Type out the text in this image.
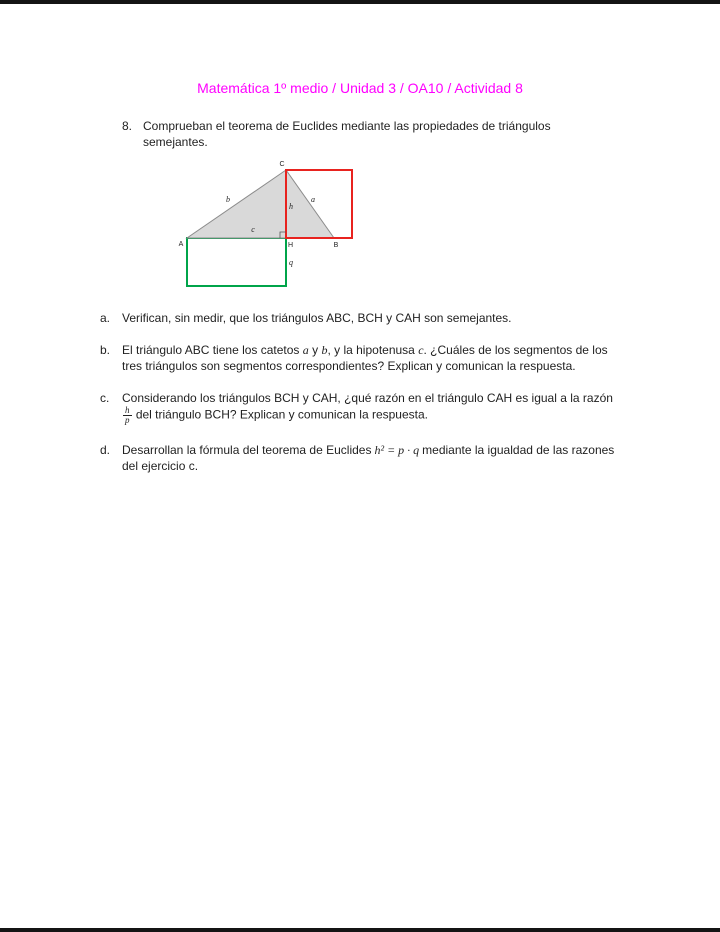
Matemática 1º medio / Unidad 3 / OA10 / Actividad 8
8. Comprueban el teorema de Euclides mediante las propiedades de triángulos semejantes.
C
b	a
h
c
A	H	B
q
a. Verifican, sin medir, que los triángulos ABC, BCH y CAH son semejantes.
b. El triángulo ABC tiene los catetos a y b, y la hipotenusa c. ¿Cuáles de los segmentos de los tres triángulos son segmentos correspondientes? Explican y comunican la respuesta.
c.	Considerando los triángulos BCH y CAH, ¿qué razón en el triángulo CAH es igual a la razón
$\frac{h}{p}$ del triángulo BCH? Explican y comunican la respuesta.
d. Desarrollan la fórmula del teorema de Euclides h² = p · q mediante la igualdad de las razones del ejercicio c.
